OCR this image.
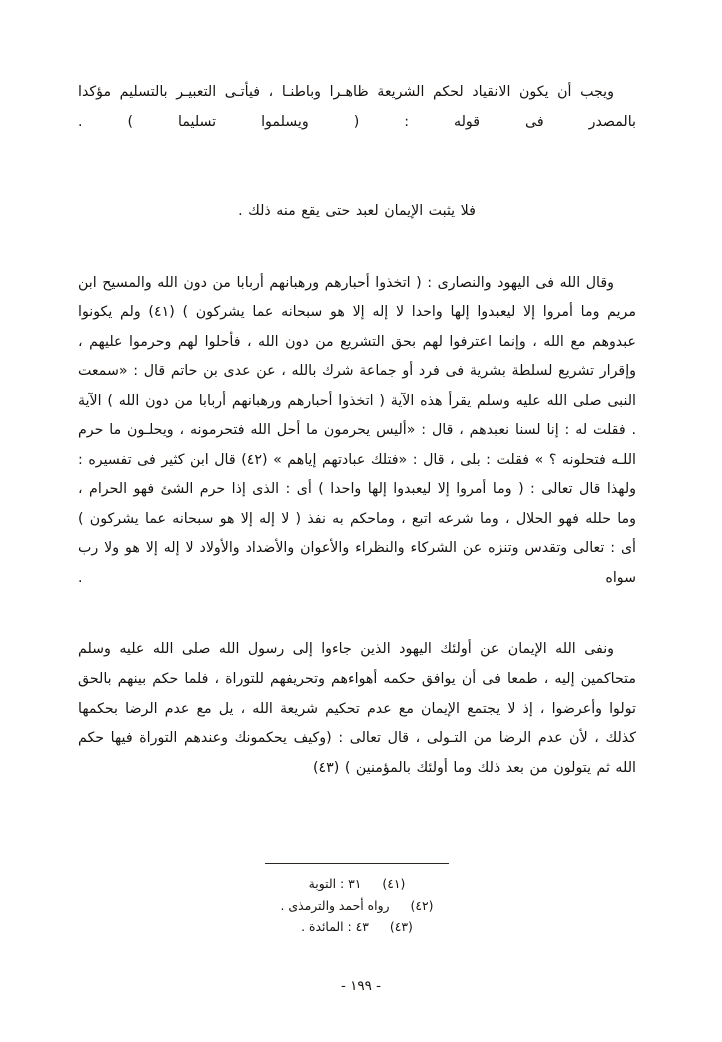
ويجب أن يكون الانقياد لحكم الشريعة ظاهـرا وباطنـا ، فيأتـى التعبيـر بالتسليم مؤكدا بالمصدر فى قوله : ( ويسلموا تسليما ) .

فلا يثبت الإيمان لعبد حتى يقع منه ذلك .

وقال الله فى اليهود والنصارى : ( اتخذوا أحبارهم ورهبانهم أربابا من دون الله والمسيح ابن مريم وما أمروا إلا ليعبدوا إلها واحدا لا إله إلا هو سبحانه عما يشركون ) (٤١) ولم يكونوا عبدوهم مع الله ، وإنما اعترفوا لهم بحق التشريع من دون الله ، فأحلوا لهم وحرموا عليهم ، وإقرار تشريع لسلطة بشرية فى فرد أو جماعة شرك بالله ، عن عدى بن حاتم قال : «سمعت النبى صلى الله عليه وسلم يقرأ هذه الآية ( اتخذوا أحبارهم ورهبانهم أربابا من دون الله ) الآية . فقلت له : إنا لسنا نعبدهم ، قال : «أليس يحرمون ما أحل الله فتحرمونه ، ويحلـون ما حرم اللـه فتحلونه ؟ » فقلت : بلى ، قال : «فتلك عبادتهم إياهم » (٤٢) قال ابن كثير فى تفسيره : ولهذا قال تعالى : ( وما أمروا إلا ليعبدوا إلها واحدا ) أى : الذى إذا حرم الشئ فهو الحرام ، وما حلله فهو الحلال ، وما شرعه اتبع ، وماحكم به نفذ ( لا إله إلا هو سبحانه عما يشركون ) أى : تعالى وتقدس وتنزه عن الشركاء والنظراء والأعوان والأضداد والأولاد لا إله إلا هو ولا رب سواه .

ونفى الله الإيمان عن أولئك اليهود الذين جاءوا إلى رسول الله صلى الله عليه وسلم متحاكمين إليه ، طمعا فى أن يوافق حكمه أهواءهم وتحريفهم للتوراة ، فلما حكم بينهم بالحق تولوا وأعرضوا ، إذ لا يجتمع الإيمان مع عدم تحكيم شريعة الله ، يل مع عدم الرضا بحكمها كذلك ، لأن عدم الرضا من التـولى ، قال تعالى : (وكيف يحكمونك وعندهم التوراة فيها حكم الله ثم يتولون من بعد ذلك وما أولئك بالمؤمنين ) (٤٣)

(٤١) ٣١ : التوبة
(٤٢) رواه أحمد والترمذى .
(٤٣) ٤٣ : المائدة .
- ١٩٩ -
